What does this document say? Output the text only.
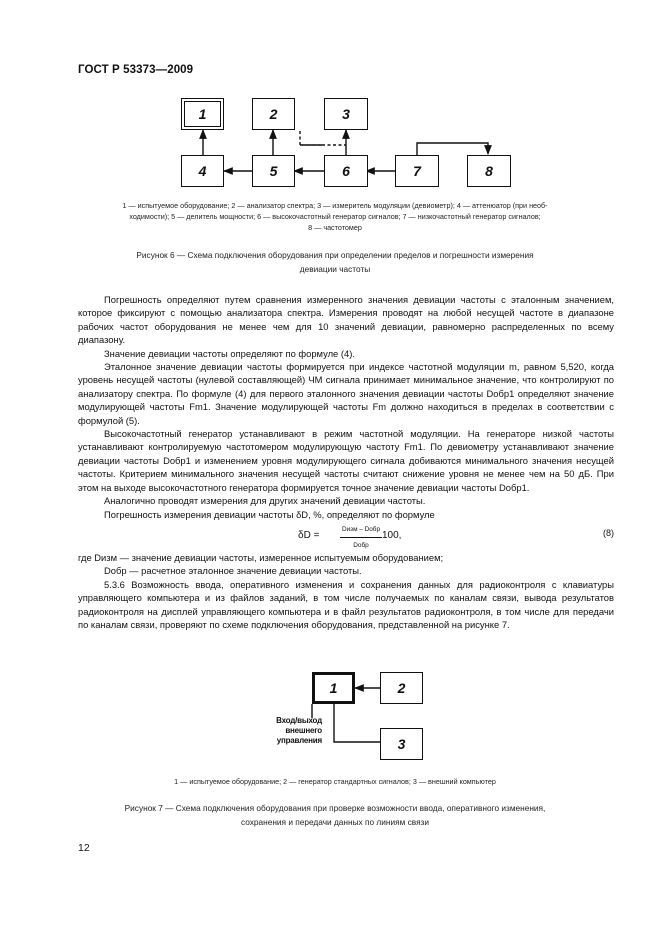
ГОСТ Р 53373—2009
1	2	3
4	5	6	7	8
1 — испытуемое оборудование; 2 — анализатор спектра; 3 — измеритель модуляции (девиометр); 4 — аттенюатор (при необ-
ходимости); 5 — делитель мощности; 6 — высокочастотный генератор сигналов; 7 — низкочастотный генератор сигналов;
8 — частотомер
Рисунок 6 — Схема подключения оборудования при определении пределов и погрешности измерения
девиации частоты

Погрешность определяют путем сравнения измеренного значения девиации частоты с эталонным значением, которое фиксируют с помощью анализатора спектра. Измерения проводят на любой несущей частоте в диапазоне рабочих частот оборудования не менее чем для 10 значений девиации, равномерно распределенных по всему диапазону.

Значение девиации частоты определяют по формуле (4).

Эталонное значение девиации частоты формируется при индексе частотной модуляции m, равном 5,520, когда уровень несущей частоты (нулевой составляющей) ЧМ сигнала принимает минимальное значение, что контролируют по анализатору спектра. По формуле (4) для первого эталонного значения девиации частоты Dобр1 определяют значение модулирующей частоты Fm1. Значение модулирующей частоты Fm должно находиться в пределах в соответствии с формулой (5).

Высокочастотный генератор устанавливают в режим частотной модуляции. На генераторе низкой частоты устанавливают контролируемую частотомером модулирующую частоту Fm1. По девиометру устанавливают значение девиации частоты Dобр1 и изменением уровня модулирующего сигнала добиваются минимального значения несущей частоты. Критерием минимального значения несущей частоты считают снижение уровня не менее чем на 50 дБ. При этом на выходе высокочастотного генератора формируется точное значение девиации частоты Dобр1.

Аналогично проводят измерения для других значений девиации частоты.

Погрешность измерения девиации частоты δD, %, определяют по формуле

δD =
Dизм – Dобр
Dобр
100,	(8)

где Dизм — значение девиации частоты, измеренное испытуемым оборудованием;

Dобр — расчетное эталонное значение девиации частоты.

5.3.6 Возможность ввода, оперативного изменения и сохранения данных для радиоконтроля с клавиатуры управляющего компьютера и из файлов заданий, в том числе получаемых по каналам связи, вывода результатов радиоконтроля на дисплей управляющего компьютера и в файл результатов радиоконтроля, в том числе для передачи по каналам связи, проверяют по схеме подключения оборудования, представленной на рисунке 7.

1	2
3
Вход/выход
внешнего
управления
1 — испытуемое оборудование; 2 — генератор стандартных сигналов; 3 — внешний компьютер
Рисунок 7 — Схема подключения оборудования при проверке возможности ввода, оперативного изменения,
сохранения и передачи данных по линиям связи
12
